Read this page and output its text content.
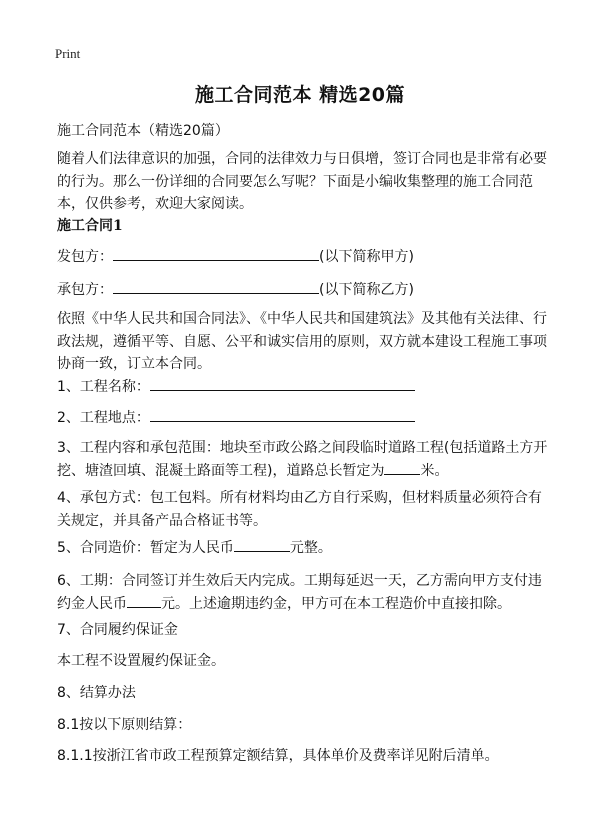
Print
施工合同范本 精选20篇
施工合同范本（精选20篇）
随着人们法律意识的加强，合同的法律效力与日俱增，签订合同也是非常有必要的行为。那么一份详细的合同要怎么写呢？下面是小编收集整理的施工合同范本，仅供参考，欢迎大家阅读。
施工合同1
发包方：	(以下简称甲方)
承包方：	(以下简称乙方)
依照《中华人民共和国合同法》、《中华人民共和国建筑法》及其他有关法律、行政法规，遵循平等、自愿、公平和诚实信用的原则，双方就本建设工程施工事项协商一致，订立本合同。
1、工程名称：
2、工程地点：
3、工程内容和承包范围：地块至市政公路之间段临时道路工程(包括道路土方开挖、塘渣回填、混凝土路面等工程)，道路总长暂定为	米。
4、承包方式：包工包料。所有材料均由乙方自行采购，但材料质量必须符合有关规定，并具备产品合格证书等。
5、合同造价：暂定为人民币	元整。
6、工期：合同签订并生效后天内完成。工期每延迟一天，乙方需向甲方支付违约金人民币 元。上述逾期违约金，甲方可在本工程造价中直接扣除。
7、合同履约保证金
本工程不设置履约保证金。
8、结算办法
8.1按以下原则结算：
8.1.1按浙江省市政工程预算定额结算，具体单价及费率详见附后清单。
